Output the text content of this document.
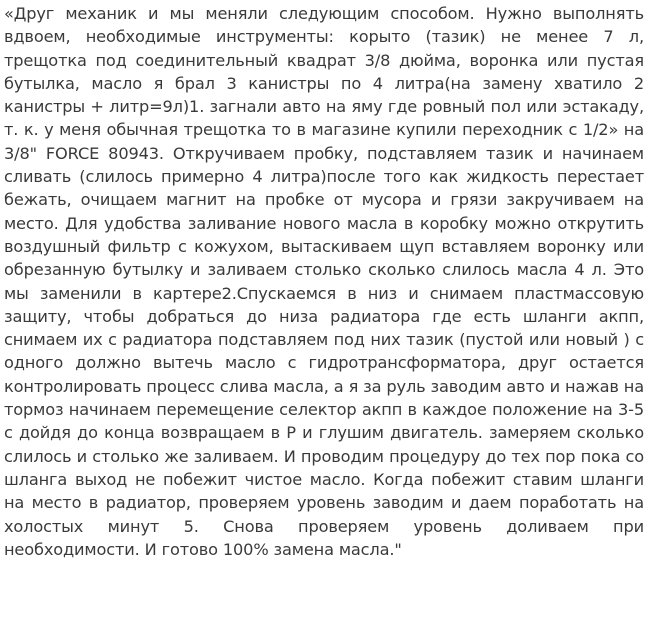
«Друг механик и мы меняли следующим способом. Нужно выполнять вдвоем, необходимые инструменты: корыто (тазик) не менее 7 л, трещотка под соединительный квадрат 3/8 дюйма, воронка или пустая бутылка, масло я брал 3 канистры по 4 литра(на замену хватило 2 канистры + литр=9л)1. загнали авто на яму где ровный пол или эстакаду, т. к. у меня обычная трещотка то в магазине купили переходник с 1/2» на 3/8" FORCE 80943. Откручиваем пробку, подставляем тазик и начинаем сливать (слилось примерно 4 литра)после того как жидкость перестает бежать, очищаем магнит на пробке от мусора и грязи закручиваем на место. Для удобства заливание нового масла в коробку можно открутить воздушный фильтр с кожухом, вытаскиваем щуп вставляем воронку или обрезанную бутылку и заливаем столько сколько слилось масла 4 л. Это мы заменили в картере2.Спускаемся в низ и снимаем пластмассовую защиту, чтобы добраться до низа радиатора где есть шланги акпп, снимаем их с радиатора подставляем под них тазик (пустой или новый ) с одного должно вытечь масло с гидротрансформатора, друг остается контролировать процесс слива масла, а я за руль заводим авто и нажав на тормоз начинаем перемещение селектор акпп в каждое положение на 3-5 с дойдя до конца возвращаем в Р и глушим двигатель. замеряем сколько слилось и столько же заливаем. И проводим процедуру до тех пор пока со шланга выход не побежит чистое масло. Когда побежит ставим шланги на место в радиатор, проверяем уровень заводим и даем поработать на холостых минут 5. Снова проверяем уровень доливаем при необходимости. И готово 100% замена масла."
